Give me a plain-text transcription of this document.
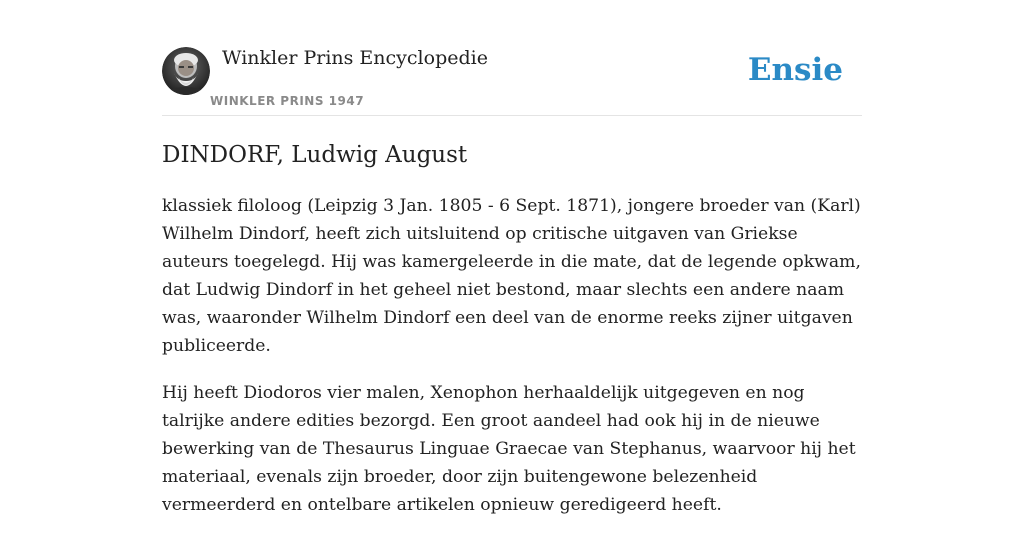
Winkler Prins Encyclopedie
WINKLER PRINS 1947
Ensie
DINDORF, Ludwig August

klassiek filoloog (Leipzig 3 Jan. 1805 - 6 Sept. 1871), jongere broeder van (Karl) Wilhelm Dindorf, heeft zich uitsluitend op critische uitgaven van Griekse auteurs toegelegd. Hij was kamergeleerde in die mate, dat de legende opkwam, dat Ludwig Dindorf in het geheel niet bestond, maar slechts een andere naam was, waaronder Wilhelm Dindorf een deel van de enorme reeks zijner uitgaven publiceerde.

Hij heeft Diodoros vier malen, Xenophon herhaaldelijk uitgegeven en nog talrijke andere edities bezorgd. Een groot aandeel had ook hij in de nieuwe bewerking van de Thesaurus Linguae Graecae van Stephanus, waarvoor hij het materiaal, evenals zijn broeder, door zijn buitengewone belezenheid vermeerderd en ontelbare artikelen opnieuw geredigeerd heeft.
